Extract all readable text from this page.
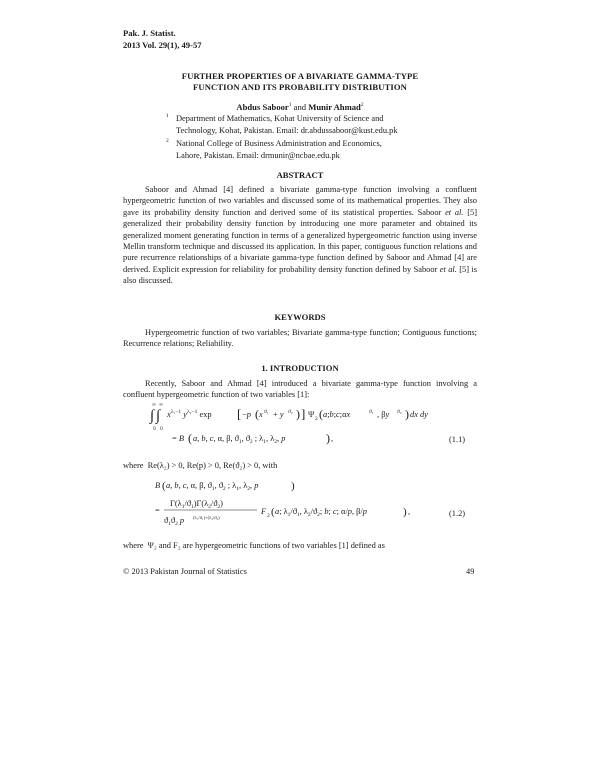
Pak. J. Statist.
2013 Vol. 29(1), 49-57
FURTHER PROPERTIES OF A BIVARIATE GAMMA-TYPE
FUNCTION AND ITS PROBABILITY DISTRIBUTION
Abdus Saboor$^1$ and Munir Ahmad$^2$
1 Department of Mathematics, Kohat University of Science and
Technology, Kohat, Pakistan. Email: dr.abdussaboor@kust.edu.pk
2 National College of Business Administration and Economics,
Lahore, Pakistan. Email: drmunir@ncbae.edu.pk
ABSTRACT

Saboor and Ahmad [4] defined a bivariate gamma-type function involving a confluent hypergeometric function of two variables and discussed some of its mathematical properties. They also gave its probability density function and derived some of its statistical properties. Saboor et al. [5] generalized their probability density function by introducing one more parameter and obtained its generalized moment generating function in terms of a generalized hypergeometric function using inverse Mellin transform technique and discussed its application. In this paper, contiguous function relations and pure recurrence relationships of a bivariate gamma-type function defined by Saboor and Ahmad [4] are derived. Explicit expression for reliability for probability density function defined by Saboor et al. [5] is also discussed.

KEYWORDS

Hypergeometric function of two variables; Bivariate gamma-type function; Contiguous functions; Recurrence relations; Reliability.

1. INTRODUCTION

Recently, Saboor and Ahmad [4] introduced a bivariate gamma-type function involving a confluent hypergeometric function of two variables [1]:

∞ ∞
∫ ∫
0 0
$x^{\lambda_1-1}$ $y^{\lambda_2-1}$ exp [ −p ( x ϑ₁ + y ϑ₂ ) ] Ψ 2 ( a;b;c;αx	ϑ₁ , βy ϑ₂ ) dx dy
= B ( a, b, c, α, β, $ϑ_1$, $ϑ_2$ ; $\lambda_1$, $\lambda_2$, p	) ,	(1.1)
where Re(λ₂) > 0, Re(p) > 0, Re(ϑ₂) > 0, with
B ( a, b, c, α, β, $ϑ_1$, $ϑ_2$ ; $\lambda_1$, $\lambda_2$, p	)
=
$\Gamma(\lambda_1/ϑ_1)\Gamma(\lambda_2/ϑ_2)$
$ϑ_1ϑ_2$ p (λ₁/ϑ₁)+(λ₂/ϑ₂)
F 2 ( a; $\lambda_1/ϑ_1$, $\lambda_2/ϑ_2$; b; c; α/p, β/p	) ,	(1.2)
where Ψ₂ and F₂ are hypergeometric functions of two variables [1] defined as
© 2013 Pakistan Journal of Statistics	49
